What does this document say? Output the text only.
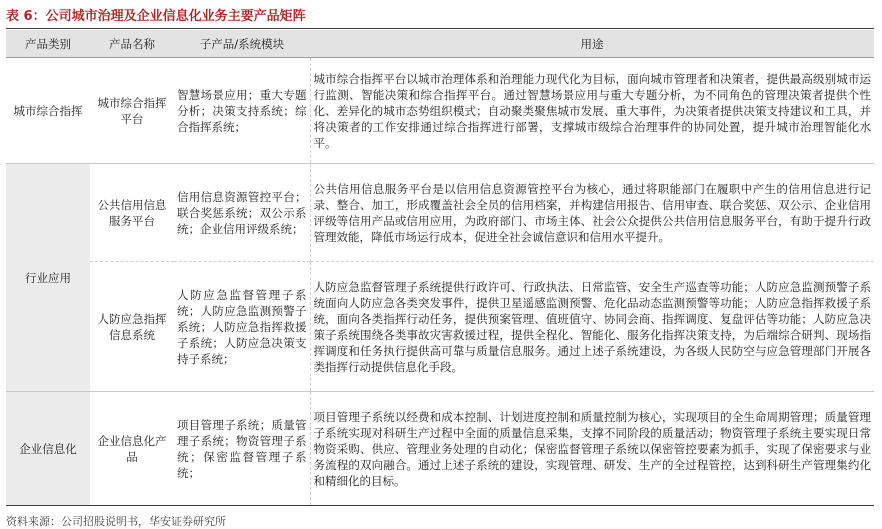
表 6：公司城市治理及企业信息化业务主要产品矩阵
产品类别	产品名称	子产品/系统模块	用途
城市综合指挥	城市综合指挥平台	智慧场景应用；重大专题分析；决策支持系统；综合指挥系统；	城市综合指挥平台以城市治理体系和治理能力现代化为目标，面向城市管理者和决策者，提供最高级别城市运行监测、智能决策和综合指挥平台。通过智慧场景应用与重大专题分析，为不同角色的管理决策者提供个性化、差异化的城市态势组织模式；自动聚类聚焦城市发展、重大事件，为决策者提供决策支持建议和工具，并将决策者的工作安排通过综合指挥进行部署，支撑城市级综合治理事件的协同处置，提升城市治理智能化水平。
行业应用	公共信用信息服务平台	信用信息资源管控平台；联合奖惩系统；双公示系统；企业信用评级系统；	公共信用信息服务平台是以信用信息资源管控平台为核心，通过将职能部门在履职中产生的信用信息进行记录、整合、加工，形成覆盖社会全员的信用档案，并构建信用报告、信用审查、联合奖惩、双公示、企业信用评级等信用产品或信用应用，为政府部门、市场主体、社会公众提供公共信用信息服务平台，有助于提升行政管理效能，降低市场运行成本，促进全社会诚信意识和信用水平提升。
	人防应急指挥信息系统	人防应急监督管理子系统；人防应急监测预警子系统；人防应急指挥救援子系统；人防应急决策支持子系统；	人防应急监督管理子系统提供行政许可、行政执法、日常监管、安全生产巡查等功能；人防应急监测预警子系统面向人防应急各类突发事件，提供卫星遥感监测预警、危化品动态监测预警等功能；人防应急指挥救援子系统，面向各类指挥行动任务，提供预案管理、值班值守、协同会商、指挥调度、复盘评估等功能；人防应急决策子系统围绕各类事故灾害救援过程，提供全程化、智能化、服务化指挥决策支持，为后端综合研判、现场指挥调度和任务执行提供高可靠与质量信息服务。通过上述子系统建设，为各级人民防空与应急管理部门开展各类指挥行动提供信息化手段。
企业信息化	企业信息化产品	项目管理子系统；质量管理子系统；物资管理子系统；保密监督管理子系统；	项目管理子系统以经费和成本控制、计划进度控制和质量控制为核心，实现项目的全生命周期管理；质量管理子系统实现对科研生产过程中全面的质量信息采集，支撑不同阶段的质量活动；物资管理子系统主要实现日常物资采购、供应、管理业务处理的自动化；保密监督管理子系统以保密管控要素为抓手，实现了保密要求与业务流程的双向融合。通过上述子系统的建设，实现管理、研发、生产的全过程管控，达到科研生产管理集约化和精细化的目标。
资料来源：公司招股说明书，华安证券研究所
